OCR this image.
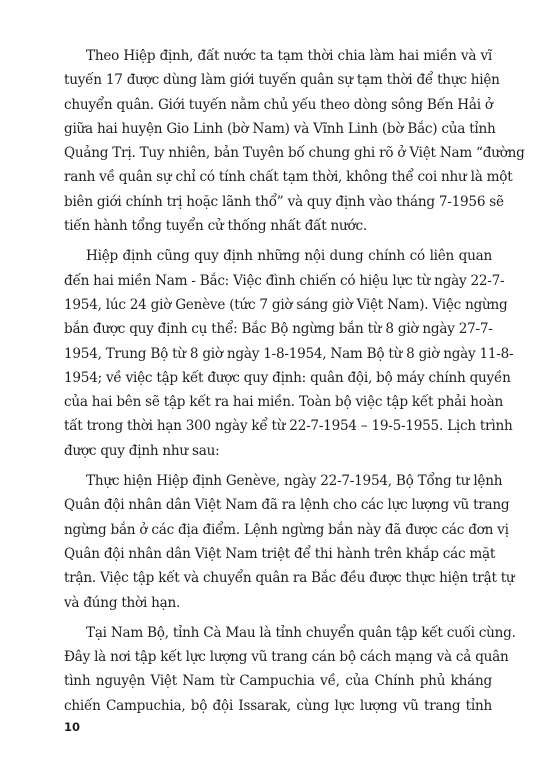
Theo Hiệp định, đất nước ta tạm thời chia làm hai miền và vĩ
tuyến 17 được dùng làm giới tuyến quân sự tạm thời để thực hiện
chuyển quân. Giới tuyến nằm chủ yếu theo dòng sông Bến Hải ở
giữa hai huyện Gio Linh (bờ Nam) và Vĩnh Linh (bờ Bắc) của tỉnh
Quảng Trị. Tuy nhiên, bản Tuyên bố chung ghi rõ ở Việt Nam “đường
ranh về quân sự chỉ có tính chất tạm thời, không thể coi như là một
biên giới chính trị hoặc lãnh thổ” và quy định vào tháng 7-1956 sẽ
tiến hành tổng tuyển cử thống nhất đất nước.

Hiệp định cũng quy định những nội dung chính có liên quan
đến hai miền Nam - Bắc: Việc đình chiến có hiệu lực từ ngày 22-7-
1954, lúc 24 giờ Genève (tức 7 giờ sáng giờ Việt Nam). Việc ngừng
bắn được quy định cụ thể: Bắc Bộ ngừng bắn từ 8 giờ ngày 27-7-
1954, Trung Bộ từ 8 giờ ngày 1-8-1954, Nam Bộ từ 8 giờ ngày 11-8-
1954; về việc tập kết được quy định: quân đội, bộ máy chính quyền
của hai bên sẽ tập kết ra hai miền. Toàn bộ việc tập kết phải hoàn
tất trong thời hạn 300 ngày kể từ 22-7-1954 – 19-5-1955. Lịch trình
được quy định như sau:

Thực hiện Hiệp định Genève, ngày 22-7-1954, Bộ Tổng tư lệnh
Quân đội nhân dân Việt Nam đã ra lệnh cho các lực lượng vũ trang
ngừng bắn ở các địa điểm. Lệnh ngừng bắn này đã được các đơn vị
Quân đội nhân dân Việt Nam triệt để thi hành trên khắp các mặt
trận. Việc tập kết và chuyển quân ra Bắc đều được thực hiện trật tự
và đúng thời hạn.

Tại Nam Bộ, tỉnh Cà Mau là tỉnh chuyển quân tập kết cuối cùng.
Đây là nơi tập kết lực lượng vũ trang cán bộ cách mạng và cả quân
tình nguyện Việt Nam từ Campuchia về, của Chính phủ kháng
chiến Campuchia, bộ đội Issarak, cùng lực lượng vũ trang tỉnh

10
